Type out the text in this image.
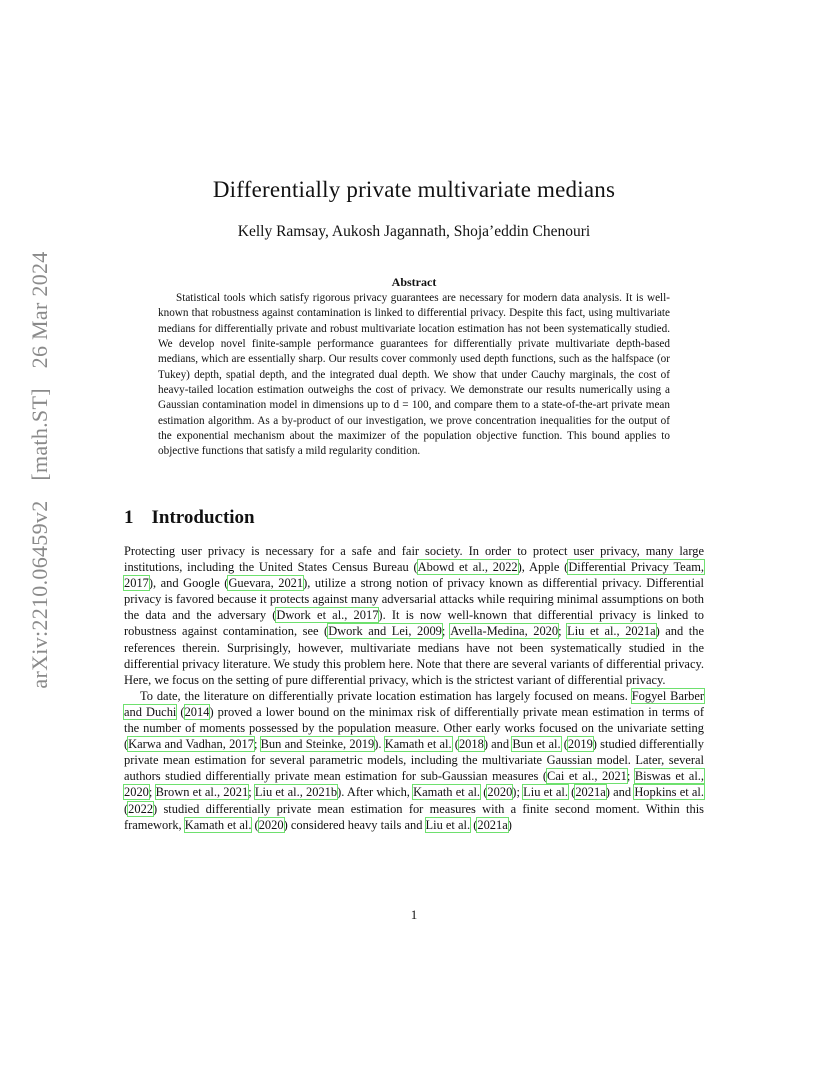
arXiv:2210.06459v2 [math.ST] 26 Mar 2024
Differentially private multivariate medians
Kelly Ramsay, Aukosh Jagannath, Shoja’eddin Chenouri
Abstract
Statistical tools which satisfy rigorous privacy guarantees are necessary for modern data analysis. It is well-known that robustness against contamination is linked to differential privacy. Despite this fact, using multivariate medians for differentially private and robust multivariate location estimation has not been systematically studied. We develop novel finite-sample performance guarantees for differentially private multivariate depth-based medians, which are essentially sharp. Our results cover commonly used depth functions, such as the halfspace (or Tukey) depth, spatial depth, and the integrated dual depth. We show that under Cauchy marginals, the cost of heavy-tailed location estimation outweighs the cost of privacy. We demonstrate our results numerically using a Gaussian contamination model in dimensions up to d = 100, and compare them to a state-of-the-art private mean estimation algorithm. As a by-product of our investigation, we prove concentration inequalities for the output of the exponential mechanism about the maximizer of the population objective function. This bound applies to objective functions that satisfy a mild regularity condition.
1 Introduction

Protecting user privacy is necessary for a safe and fair society. In order to protect user privacy, many large institutions, including the United States Census Bureau (Abowd et al., 2022), Apple (Differential Privacy Team, 2017), and Google (Guevara, 2021), utilize a strong notion of privacy known as differential privacy. Differential privacy is favored because it protects against many adversarial attacks while requiring minimal assumptions on both the data and the adversary (Dwork et al., 2017). It is now well-known that differential privacy is linked to robustness against contamination, see (Dwork and Lei, 2009; Avella-Medina, 2020; Liu et al., 2021a) and the references therein. Surprisingly, however, multivariate medians have not been systematically studied in the differential privacy literature. We study this problem here. Note that there are several variants of differential privacy. Here, we focus on the setting of pure differential privacy, which is the strictest variant of differential privacy.

To date, the literature on differentially private location estimation has largely focused on means. Fogyel Barber and Duchi (2014) proved a lower bound on the minimax risk of differentially private mean estimation in terms of the number of moments possessed by the population measure. Other early works focused on the univariate setting (Karwa and Vadhan, 2017; Bun and Steinke, 2019). Kamath et al. (2018) and Bun et al. (2019) studied differentially private mean estimation for several parametric models, including the multivariate Gaussian model. Later, several authors studied differentially private mean estimation for sub-Gaussian measures (Cai et al., 2021; Biswas et al., 2020; Brown et al., 2021; Liu et al., 2021b). After which, Kamath et al. (2020); Liu et al. (2021a) and Hopkins et al. (2022) studied differentially private mean estimation for measures with a finite second moment. Within this framework, Kamath et al. (2020) considered heavy tails and Liu et al. (2021a)

1
